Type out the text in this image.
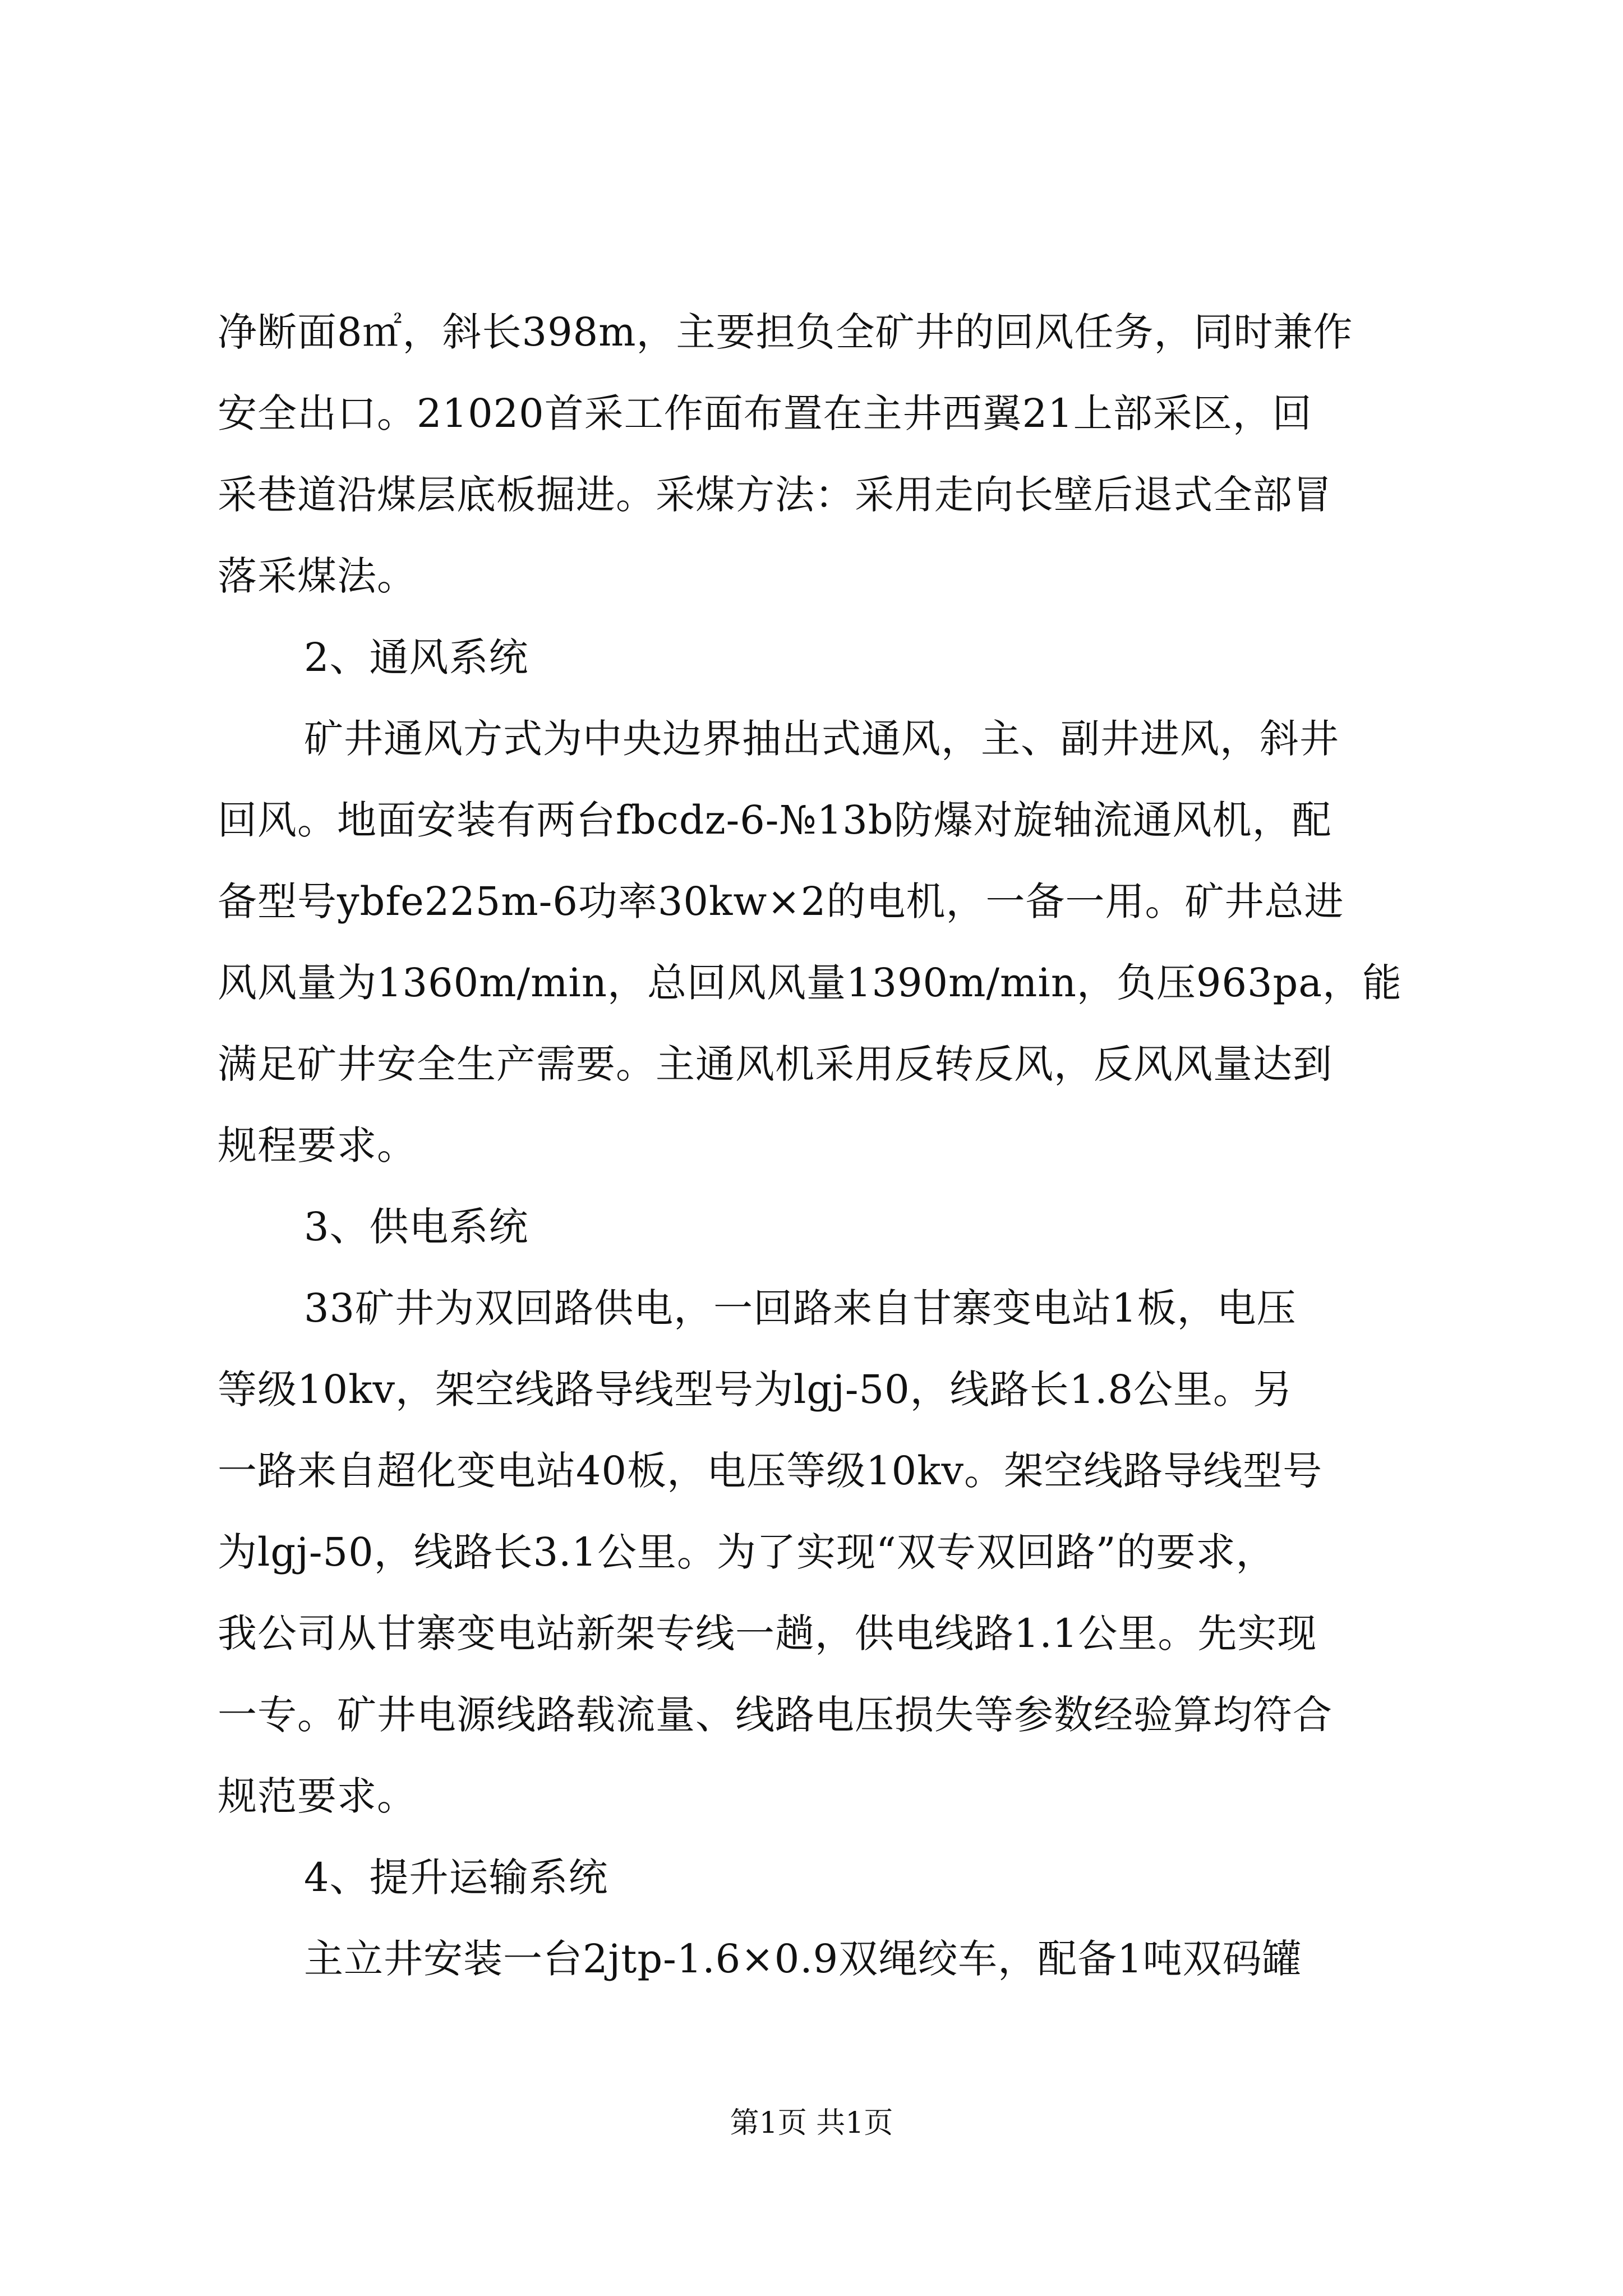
净断面8㎡，斜长398m，主要担负全矿井的回风任务，同时兼作
安全出口。21020首采工作面布置在主井西翼21上部采区，回
采巷道沿煤层底板掘进。采煤方法：采用走向长壁后退式全部冒
落采煤法。
2、通风系统
矿井通风方式为中央边界抽出式通风，主、副井进风，斜井
回风。地面安装有两台fbcdz-6-№13b防爆对旋轴流通风机，配
备型号ybfe225m-6功率30kw×2的电机，一备一用。矿井总进
风风量为1360m/min，总回风风量1390m/min，负压963pa，能
满足矿井安全生产需要。主通风机采用反转反风，反风风量达到
规程要求。
3、供电系统
33矿井为双回路供电，一回路来自甘寨变电站1板，电压
等级10kv，架空线路导线型号为lgj-50，线路长1.8公里。另
一路来自超化变电站40板，电压等级10kv。架空线路导线型号
为lgj-50，线路长3.1公里。为了实现“双专双回路”的要求，
我公司从甘寨变电站新架专线一趟，供电线路1.1公里。先实现
一专。矿井电源线路载流量、线路电压损失等参数经验算均符合
规范要求。
4、提升运输系统
主立井安装一台2jtp-1.6×0.9双绳绞车，配备1吨双码罐
第1页 共1页
